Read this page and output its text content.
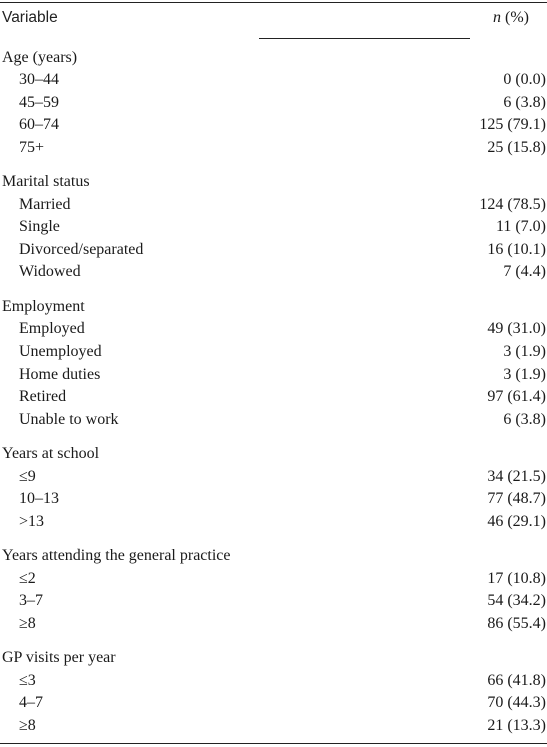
Variable	n (%)
Age (years)
30–44	0 (0.0)
45–59	6 (3.8)
60–74	125 (79.1)
75+	25 (15.8)
Marital status
Married	124 (78.5)
Single	11 (7.0)
Divorced/separated	16 (10.1)
Widowed	7 (4.4)
Employment
Employed	49 (31.0)
Unemployed	3 (1.9)
Home duties	3 (1.9)
Retired	97 (61.4)
Unable to work	6 (3.8)
Years at school
≤9	34 (21.5)
10–13	77 (48.7)
>13	46 (29.1)
Years attending the general practice
≤2	17 (10.8)
3–7	54 (34.2)
≥8	86 (55.4)
GP visits per year
≤3	66 (41.8)
4–7	70 (44.3)
≥8	21 (13.3)
